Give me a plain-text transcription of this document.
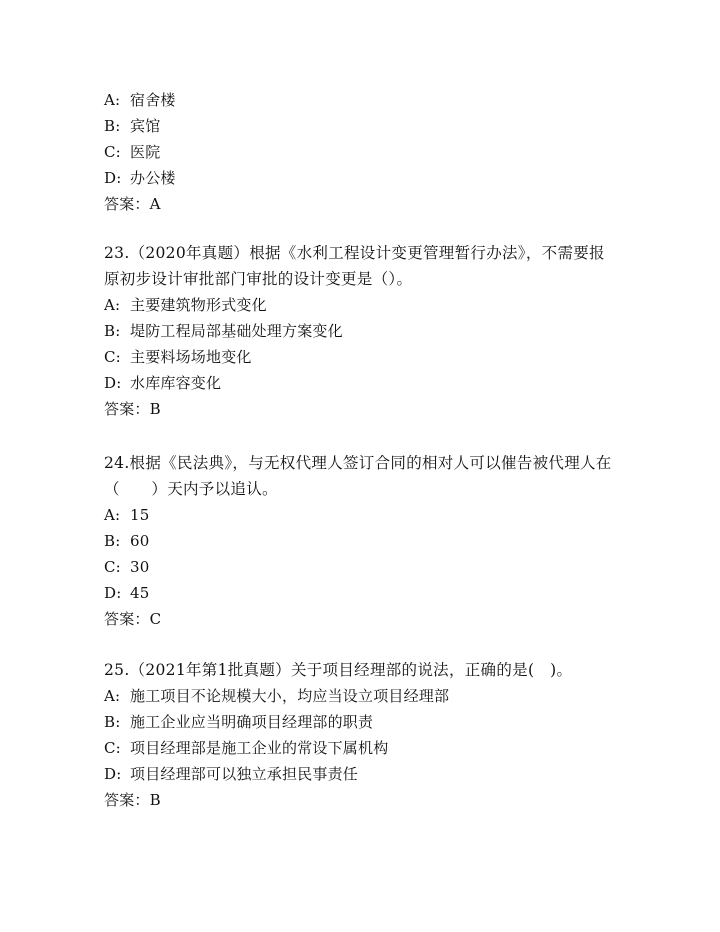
A: 宿舍楼
B: 宾馆
C: 医院
D: 办公楼
答案：A
23.（2020年真题）根据《水利工程设计变更管理暂行办法》，不需要报原初步设计审批部门审批的设计变更是（）。
A: 主要建筑物形式变化
B: 堤防工程局部基础处理方案变化
C: 主要料场场地变化
D: 水库库容变化
答案：B
24.根据《民法典》，与无权代理人签订合同的相对人可以催告被代理人在（　　）天内予以追认。
A: 15
B: 60
C: 30
D: 45
答案：C
25.（2021年第1批真题）关于项目经理部的说法，正确的是(　)。
A: 施工项目不论规模大小，均应当设立项目经理部
B: 施工企业应当明确项目经理部的职责
C: 项目经理部是施工企业的常设下属机构
D: 项目经理部可以独立承担民事责任
答案：B
